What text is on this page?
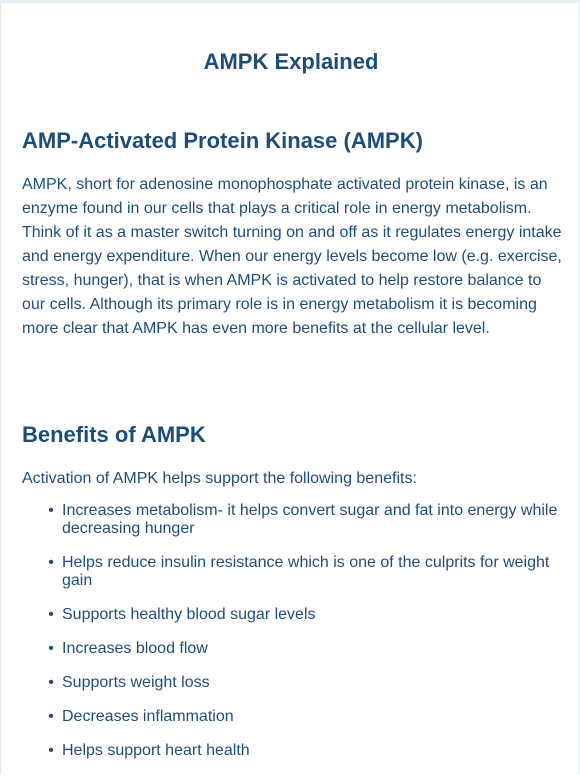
AMPK Explained
AMP-Activated Protein Kinase (AMPK)

AMPK, short for adenosine monophosphate activated protein kinase, is an enzyme found in our cells that plays a critical role in energy metabolism. Think of it as a master switch turning on and off as it regulates energy intake and energy expenditure. When our energy levels become low (e.g. exercise, stress, hunger), that is when AMPK is activated to help restore balance to our cells. Although its primary role is in energy metabolism it is becoming more clear that AMPK has even more benefits at the cellular level.

Benefits of AMPK

Activation of AMPK helps support the following benefits:

• Increases metabolism- it helps convert sugar and fat into energy while decreasing hunger
• Helps reduce insulin resistance which is one of the culprits for weight gain
• Supports healthy blood sugar levels
• Increases blood flow
• Supports weight loss
• Decreases inflammation
• Helps support heart health
